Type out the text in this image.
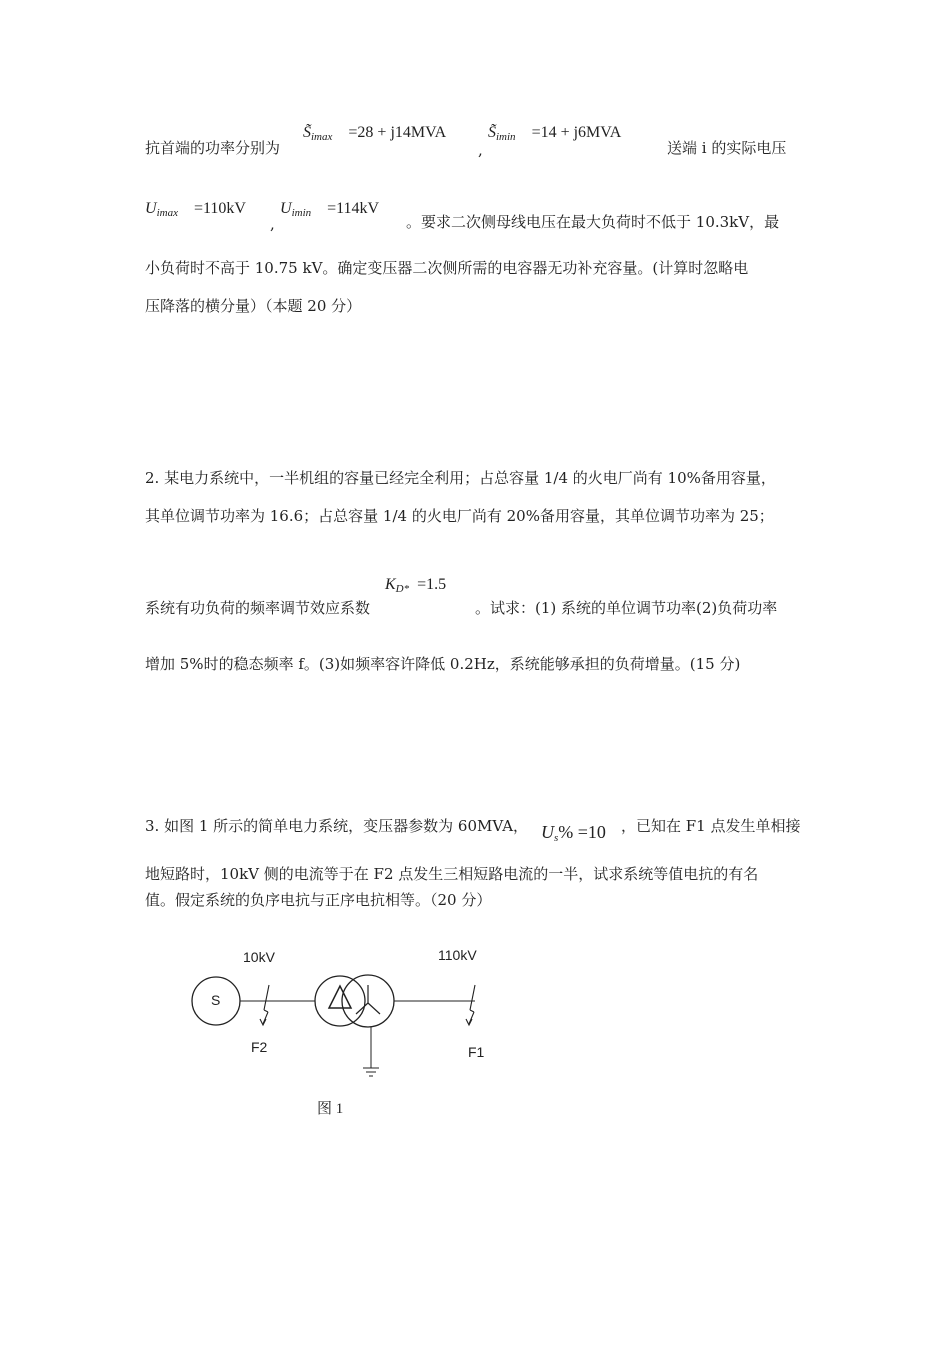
抗首端的功率分别为
$S̃_{imax} =28 + j14MVA$
,
$S̃_{imin} =14 + j6MVA$
送端 i 的实际电压
$U_{imax} =110kV$
,
$U_{imin} =114kV$
。要求二次侧母线电压在最大负荷时不低于 10.3kV，最
小负荷时不高于 10.75 kV。确定变压器二次侧所需的电容器无功补充容量。(计算时忽略电
压降落的横分量）（本题 20 分）
2. 某电力系统中，一半机组的容量已经完全利用；占总容量 1/4 的火电厂尚有 10%备用容量，
其单位调节功率为 16.6；占总容量 1/4 的火电厂尚有 20%备用容量，其单位调节功率为 25；
$K_{D*} =1.5$
系统有功负荷的频率调节效应系数	。试求：(1) 系统的单位调节功率(2)负荷功率
增加 5%时的稳态频率 f。(3)如频率容许降低 0.2Hz，系统能够承担的负荷增量。(15 分)
3. 如图 1 所示的简单电力系统，变压器参数为 60MVA， $U_s\% =10$ ，已知在 F1 点发生单相接
地短路时，10kV 侧的电流等于在 F2 点发生三相短路电流的一半，试求系统等值电抗的有名
值。假定系统的负序电抗与正序电抗相等。（20 分）
10kV	110kV
S
F2	F1
图 1
